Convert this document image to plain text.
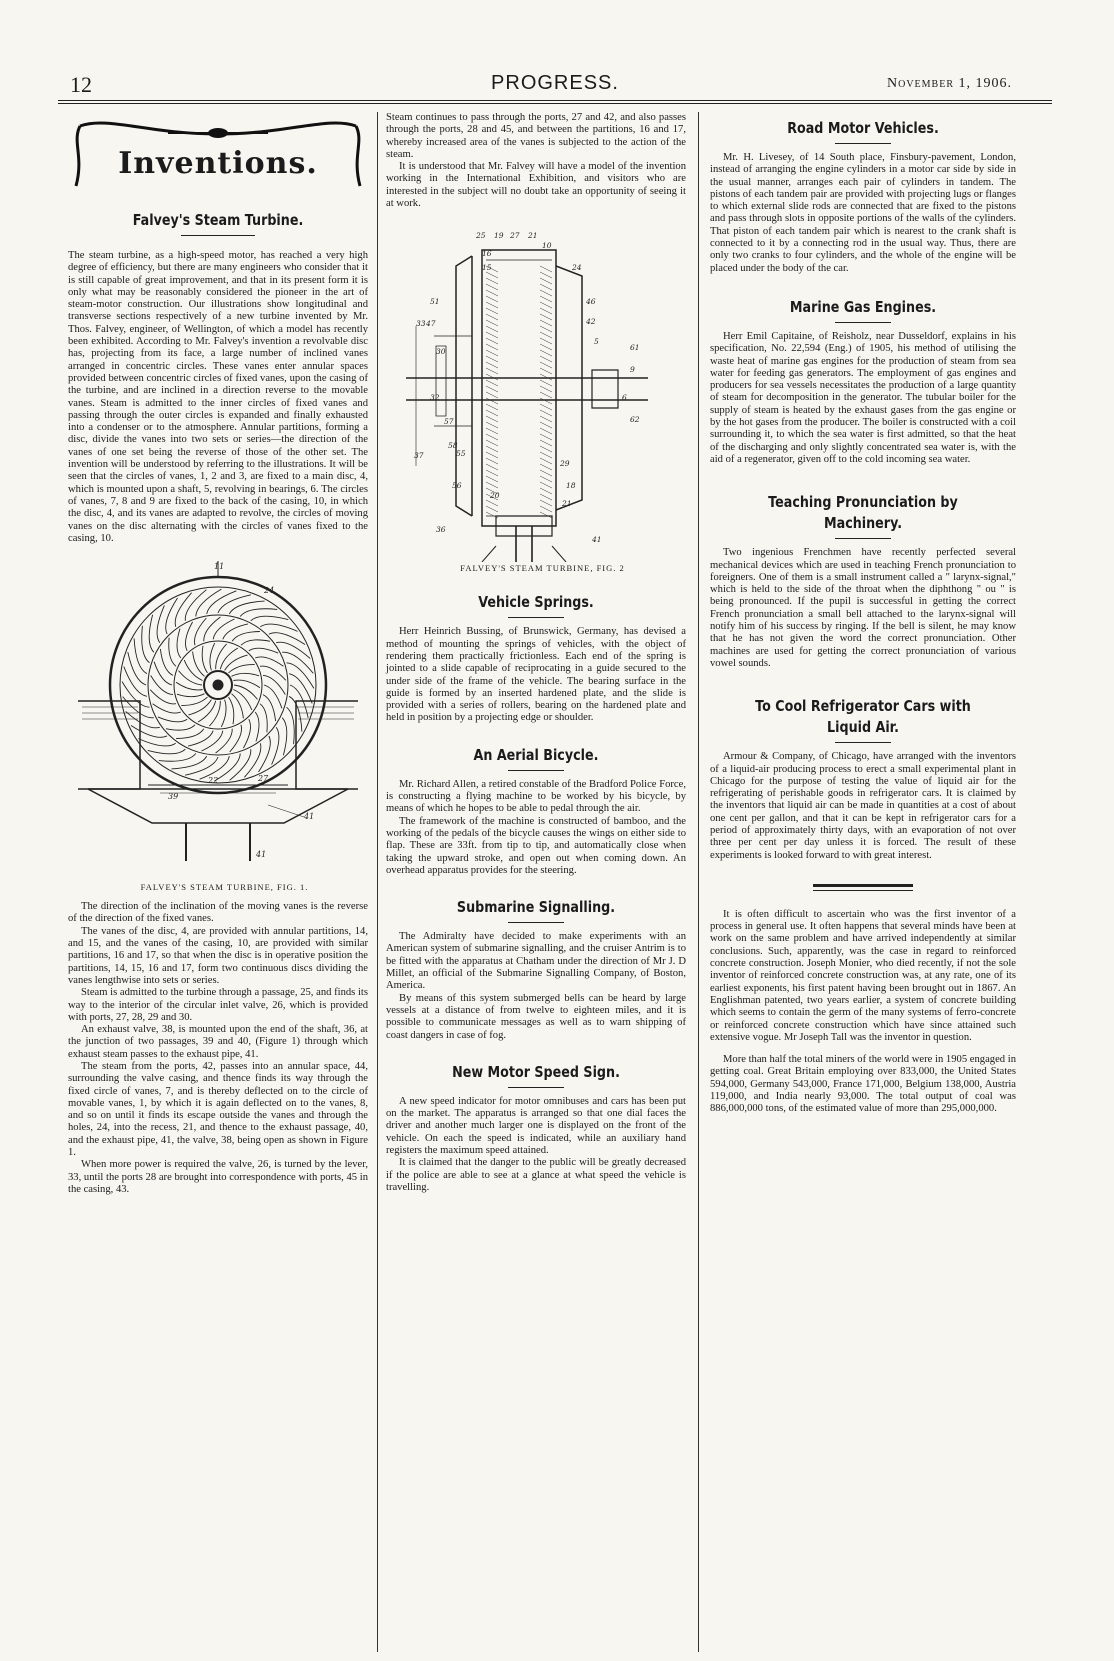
12	PROGRESS.	November 1, 1906.
Inventions.
Falvey's Steam Turbine.

The steam turbine, as a high-speed motor, has reached a very high degree of efficiency, but there are many engineers who consider that it is still capable of great improvement, and that in its present form it is only what may be reasonably considered the pioneer in the art of steam-motor construction. Our illustrations show longitudinal and transverse sections respectively of a new turbine invented by Mr. Thos. Falvey, engineer, of Wellington, of which a model has recently been exhibited. According to Mr. Falvey's invention a revolvable disc has, projecting from its face, a large number of inclined vanes arranged in concentric circles. These vanes enter annular spaces provided between concentric circles of fixed vanes, upon the casing of the turbine, and are inclined in a direction reverse to the movable vanes. Steam is admitted to the inner circles of fixed vanes and passing through the outer circles is expanded and finally exhausted into a condenser or to the atmosphere. Annular partitions, forming a disc, divide the vanes into two sets or series—the direction of the vanes of one set being the reverse of those of the other set. The invention will be understood by referring to the illustrations. It will be seen that the circles of vanes, 1, 2 and 3, are fixed to a main disc, 4, which is mounted upon a shaft, 5, revolving in bearings, 6. The circles of vanes, 7, 8 and 9 are fixed to the back of the casing, 10, in which the disc, 4, and its vanes are adapted to revolve, the circles of moving vanes on the disc alternating with the circles of vanes fixed to the casing, 10.

11
24
27
22
39
41
41

FALVEY'S STEAM TURBINE, FIG. 1.

The direction of the inclination of the moving vanes is the reverse of the direction of the fixed vanes.

The vanes of the disc, 4, are provided with annular partitions, 14, and 15, and the vanes of the casing, 10, are provided with similar partitions, 16 and 17, so that when the disc is in operative position the partitions, 14, 15, 16 and 17, form two continuous discs dividing the vanes lengthwise into sets or series.

Steam is admitted to the turbine through a passage, 25, and finds its way to the interior of the circular inlet valve, 26, which is provided with ports, 27, 28, 29 and 30.

An exhaust valve, 38, is mounted upon the end of the shaft, 36, at the junction of two passages, 39 and 40, (Figure 1) through which exhaust steam passes to the exhaust pipe, 41.

The steam from the ports, 42, passes into an annular space, 44, surrounding the valve casing, and thence finds its way through the fixed circle of vanes, 7, and is thereby deflected on to the circle of movable vanes, 1, by which it is again deflected on to the vanes, 8, and so on until it finds its escape outside the vanes and through the holes, 24, into the recess, 21, and thence to the exhaust passage, 40, and the exhaust pipe, 41, the valve, 38, being open as shown in Figure 1.

When more power is required the valve, 26, is turned by the lever, 33, until the ports 28 are brought into correspondence with ports, 45 in the casing, 43.

Steam continues to pass through the ports, 27 and 42, and also passes through the ports, 28 and 45, and between the partitions, 16 and 17, whereby increased area of the vanes is subjected to the action of the steam.

It is understood that Mr. Falvey will have a model of the invention working in the International Exhibition, and visitors who are interested in the subject will no doubt take an opportunity of seeing it at work.

25 19 27 21
10
16
15	24
46
42
5
61
6
62
51
33 47
30
32
57
58
55
37
29
18
56
20
21
36
41
9

FALVEY'S STEAM TURBINE, FIG. 2

Vehicle Springs.

Herr Heinrich Bussing, of Brunswick, Germany, has devised a method of mounting the springs of vehicles, with the object of rendering them practically frictionless. Each end of the spring is jointed to a slide capable of reciprocating in a guide secured to the under side of the frame of the vehicle. The bearing surface in the guide is formed by an inserted hardened plate, and the slide is provided with a series of rollers, bearing on the hardened plate and held in position by a projecting edge or shoulder.

An Aerial Bicycle.

Mr. Richard Allen, a retired constable of the Bradford Police Force, is constructing a flying machine to be worked by his bicycle, by means of which he hopes to be able to pedal through the air.

The framework of the machine is constructed of bamboo, and the working of the pedals of the bicycle causes the wings on either side to flap. These are 33ft. from tip to tip, and automatically close when taking the upward stroke, and open out when coming down. An overhead apparatus provides for the steering.

Submarine Signalling.

The Admiralty have decided to make experiments with an American system of submarine signalling, and the cruiser Antrim is to be fitted with the apparatus at Chatham under the direction of Mr J. D Millet, an official of the Submarine Signalling Company, of Boston, America.

By means of this system submerged bells can be heard by large vessels at a distance of from twelve to eighteen miles, and it is possible to communicate messages as well as to warn shipping of coast dangers in case of fog.

New Motor Speed Sign.

A new speed indicator for motor omnibuses and cars has been put on the market. The apparatus is arranged so that one dial faces the driver and another much larger one is displayed on the front of the vehicle. On each the speed is indicated, while an auxiliary hand registers the maximum speed attained.

It is claimed that the danger to the public will be greatly decreased if the police are able to see at a glance at what speed the vehicle is travelling.

Road Motor Vehicles.

Mr. H. Livesey, of 14 South place, Finsbury-pavement, London, instead of arranging the engine cylinders in a motor car side by side in the usual manner, arranges each pair of cylinders in tandem. The pistons of each tandem pair are provided with projecting lugs or flanges to which external slide rods are connected that are fixed to the pistons and pass through slots in opposite portions of the walls of the cylinders. That piston of each tandem pair which is nearest to the crank shaft is connected to it by a connecting rod in the usual way. Thus, there are only two cranks to four cylinders, and the whole of the engine will be placed under the body of the car.

Marine Gas Engines.

Herr Emil Capitaine, of Reisholz, near Dusseldorf, explains in his specification, No. 22,594 (Eng.) of 1905, his method of utilising the waste heat of marine gas engines for the production of steam from sea water for feeding gas generators. The employment of gas engines and producers for sea vessels necessitates the production of a large quantity of steam for decomposition in the generator. The tubular boiler for the supply of steam is heated by the exhaust gases from the gas engine or by the hot gases from the producer. The boiler is constructed with a coil surrounding it, to which the sea water is first admitted, so that the heat of the discharging and only slightly concentrated sea water is, with the aid of a regenerator, given off to the cold incoming sea water.

Teaching Pronunciation by
Machinery.

Two ingenious Frenchmen have recently perfected several mechanical devices which are used in teaching French pronunciation to foreigners. One of them is a small instrument called a " larynx-signal," which is held to the side of the throat when the diphthong " ou " is being pronounced. If the pupil is successful in getting the correct French pronunciation a small bell attached to the larynx-signal will notify him of his success by ringing. If the bell is silent, he may know that he has not given the word the correct pronunciation. Other machines are used for getting the correct pronunciation of various vowel sounds.

To Cool Refrigerator Cars with
Liquid Air.

Armour & Company, of Chicago, have arranged with the inventors of a liquid-air producing process to erect a small experimental plant in Chicago for the purpose of testing the value of liquid air for the refrigerating of perishable goods in refrigerator cars. It is claimed by the inventors that liquid air can be made in quantities at a cost of about one cent per gallon, and that it can be kept in refrigerator cars for a period of approximately thirty days, with an evaporation of not over three per cent per day unless it is forced. The result of these experiments is looked forward to with great interest.

It is often difficult to ascertain who was the first inventor of a process in general use. It often happens that several minds have been at work on the same problem and have arrived independently at similar conclusions. Such, apparently, was the case in regard to reinforced concrete construction. Joseph Monier, who died recently, if not the sole inventor of reinforced concrete construction was, at any rate, one of its earliest exponents, his first patent having been brought out in 1867. An Englishman patented, two years earlier, a system of concrete building which seems to contain the germ of the many systems of ferro-concrete or reinforced concrete construction which have since attained such extensive vogue. Mr Joseph Tall was the inventor in question.

More than half the total miners of the world were in 1905 engaged in getting coal. Great Britain employing over 833,000, the United States 594,000, Germany 543,000, France 171,000, Belgium 138,000, Austria 119,000, and India nearly 93,000. The total output of coal was 886,000,000 tons, of the estimated value of more than 295,000,000.
